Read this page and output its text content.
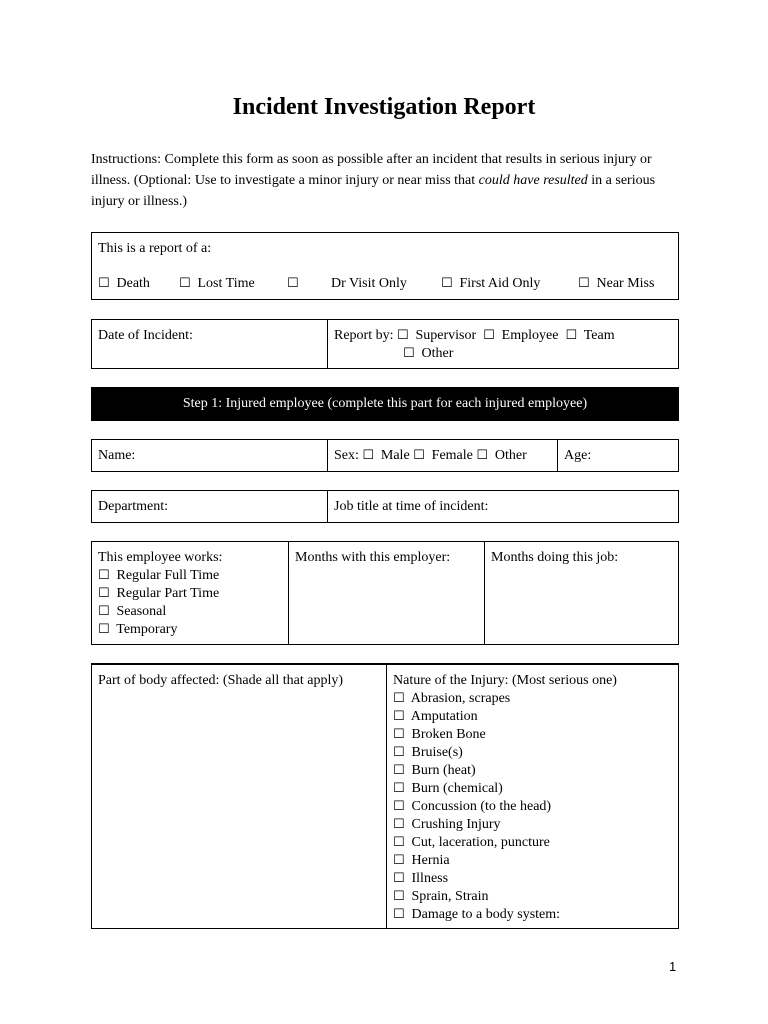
Incident Investigation Report
Instructions: Complete this form as soon as possible after an incident that results in serious injury or illness. (Optional: Use to investigate a minor injury or near miss that could have resulted in a serious injury or illness.)
This is a report of a:
☐ Death ☐ Lost Time ☐ Dr Visit Only	☐ First Aid Only	☐ Near Miss
Date of Incident:	Report by: ☐ Supervisor ☐ Employee ☐ Team
☐ Other
Step 1: Injured employee (complete this part for each injured employee)
Name:	Sex: ☐ Male ☐ Female ☐ Other	Age:
Department:	Job title at time of incident:
This employee works:
☐ Regular Full Time
☐ Regular Part Time
☐ Seasonal
☐ Temporary
Months with this employer:	Months doing this job:
Part of body affected: (Shade all that apply)	Nature of the Injury: (Most serious one)
☐ Abrasion, scrapes
☐ Amputation
☐ Broken Bone
☐ Bruise(s)
☐ Burn (heat)
☐ Burn (chemical)
☐ Concussion (to the head)
☐ Crushing Injury
☐ Cut, laceration, puncture
☐ Hernia
☐ Illness
☐ Sprain, Strain
☐ Damage to a body system:
1
